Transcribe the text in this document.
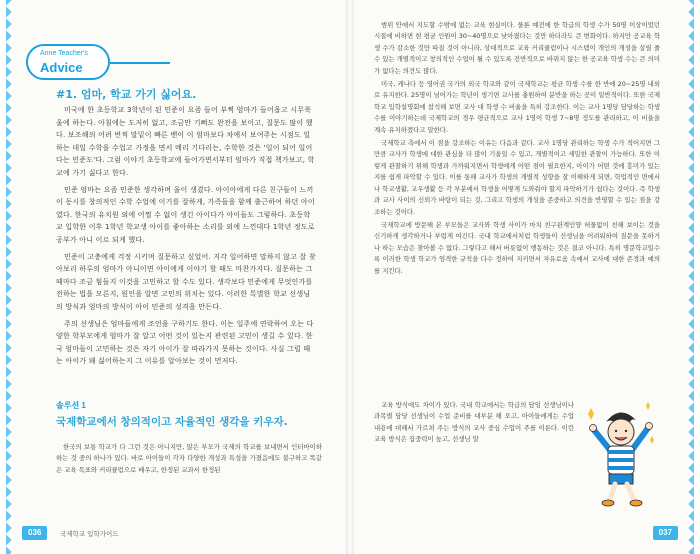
Anne Teacher's
Advice
#1. 엄마, 학교 가기 싫어요.

미국에 한 초등학교 3학년이 된 민준이 요즘 들어 부쩍 엄마가 들어옵고 시무룩 울에 하는다. 아침에는 도저히 없고, 조금만 기뻐도 완전을 보이고, 질문도 많이 했다. 보조해의 어려 번씩 말밑이 빠른 밴이 이 엄마보다 차에서 보여주는 시점도 일하는 데일 수학을 수업고 가정을 면서 메리 기다리는, 수학한 것은 '일이 되어 일어 다는 민준도'다. 그럼 이야기 초등학교에 들어가면서부터 엄마가 직접 책가보고, 학교에 가기 싫다고 한다.

민준 엄마는 요즘 민준한 생각하며 울이 생겼다. 아이아에게 다른 친구들이 느끼이 동시를 창의적인 수학 수업에 이기를 잘하게, 가족들을 함께 출근하여 하던 아이였다. 한국의 유치원 외에 어쩔 수 없이 생긴 아이다가 아이들도 그렇하다. 초등학교 입학한 이후 1학년 학교생 아이를 좋아하는 소리를 외에 느낀데다 1학년 정도로 공부가 아니 이르 되게 했다.

민준이 고충에게 걱정 시키며 질문하고 싶었어. 지각 일어하면 말하지 않고 잘 찾아보리 하루의 엄마가 아니이면 아이에게 이야기 할 때도 마찬가지다. 질문하는 그때마다 조금 힘들지 이것을 고민하고 할 수도 있다. 생각보다 민준에게 무엇인가를 전하는 법을 모른지, 원인을 알면 고민의 위치는 있다. 이러한 특별한 학교 선생님의 방식과 엄마의 방식이 아이 민준의 성격을 만든다.

주의 선생님은 엄마들에게 조언을 구하기도 한다. 이는 일주에 연락하여 오는 다양한 학부모에게 엄마가 잘 알고 어떤 것이 있는지 관련된 고민이 생길 수 있다. 한국 엄마들이 고민하는 것은 자기 아이가 잘 따라가지 못하는 것이다. 사실 그럴 때는 아이가 왜 싫어하는지 그 이유를 알아보는 것이 먼저다.

솔루션 1
국제학교에서 창의적이고 자율적인 생각을 키우자.

한국의 보통 학교가 다 그런 것은 아니지만, 많은 부모가 국제의 학교를 보내면서 인터마이하하는 것 중의 하나가 있다. 바로 아이들이 각자 다양한 개성과 특성을 가졌음에도 불구하고 똑같은 교육 목표와 커리큘럼으로 배우고, 한정된 교과서 한정된

036	국제학교 입학가이드

범위 안에서 지도할 수밖에 없는 교육 현실이다. 물론 예전에 한 학급의 학생 수가 50명 이상이었던 시절에 비하면 현 평균 인원이 30~40명으로 낮아졌다는 것만 하더라도 큰 변화이다. 하지만 공교육 학생 수가 감소한 것만 따질 것이 아니라, 상대적으로 교육 커리큘럼이나 시스템이 개인의 개성을 살릴 줄 수 있는 개별적이고 창의적인 수업이 될 수 있도록 전반적으로 바뀌지 않는 한 공교육 학생 수는 큰 의미가 없다는 의견도 많다.

미국, 캐나다 등 영어권 국가의 외국 학교와 같이 국제학교는 평균 학생 수를 한 반에 20~25명 내외로 유지한다. 25명이 넘어가는 학년이 생기면 교사를 충원하여 분반을 하는 곳이 일반적이다. 또한 국제학교 입학설명회에 참석해 보면 교사 대 학생 수 비율을 특히 강조한다. 이는 교사 1명당 담당하는 학생 수를 이야기하는데 국제학교의 경우 평균적으로 교사 1명이 학생 7~8명 정도를 관리하고, 이 비율을 계속 유지하겠다고 말한다.

국제학교 측에서 이 점을 강조하는 이유는 다음과 같다. 교사 1명당 관리하는 학생 수가 적어지면 그만큼 교사가 학생에 대한 관심을 더 많이 기울일 수 있고, 개별적이고 세밀한 관찰이 가능하다. 또한 이렇게 관찰하기 위해 학생과 가까워지면서 학생에게 어떤 점이 필요한지, 아이가 어떤 것에 흥미가 있는지를 쉽게 파악할 수 있다. 이를 통해 교사가 학생의 개별적 성향을 잘 이해하게 되면, 학업적인 면에서나 학교생활, 교우생활 등 각 부분에서 학생을 어떻게 도와줘야 할지 파악하기가 쉽다는 것이다. 즉 학생과 교사 사이의 신뢰가 바탕이 되는 것, 그리고 학생의 개성을 존중하고 의견을 반영할 수 있는 점을 강조하는 것이다.

국제학교에 방문해 본 부모들은 교사와 학생 사이가 마치 친구관계인양 허물없이 친해 보이는 것을 신기하게 생각하거나 부럽게 여긴다. 국내 학교에서처럼 학생들이 선생님을 어려워하여 질문을 못하거나 하는 모습은 찾아볼 수 없다. 그렇다고 해서 버릇없이 행동하는 것은 결코 아니다. 특히 명문학교일수록 이러한 학생 학교가 엄격한 규칙을 다수 정하여 지키면서 자유로움 속에서 교사에 대한 존경과 예의를 지킨다.

교육 방식에도 차이가 있다. 국내 학교에서는 학급의 담임 선생님이나 과목별 담당 선생님이 수업 준비를 대부분 해 오고, 아이들에게는 수업 내용에 대해서 가르쳐 주는 방식의 교사 중심 수업이 주를 이룬다. 이런 교육 방식은 집중력이 높고, 선생님 말

037
